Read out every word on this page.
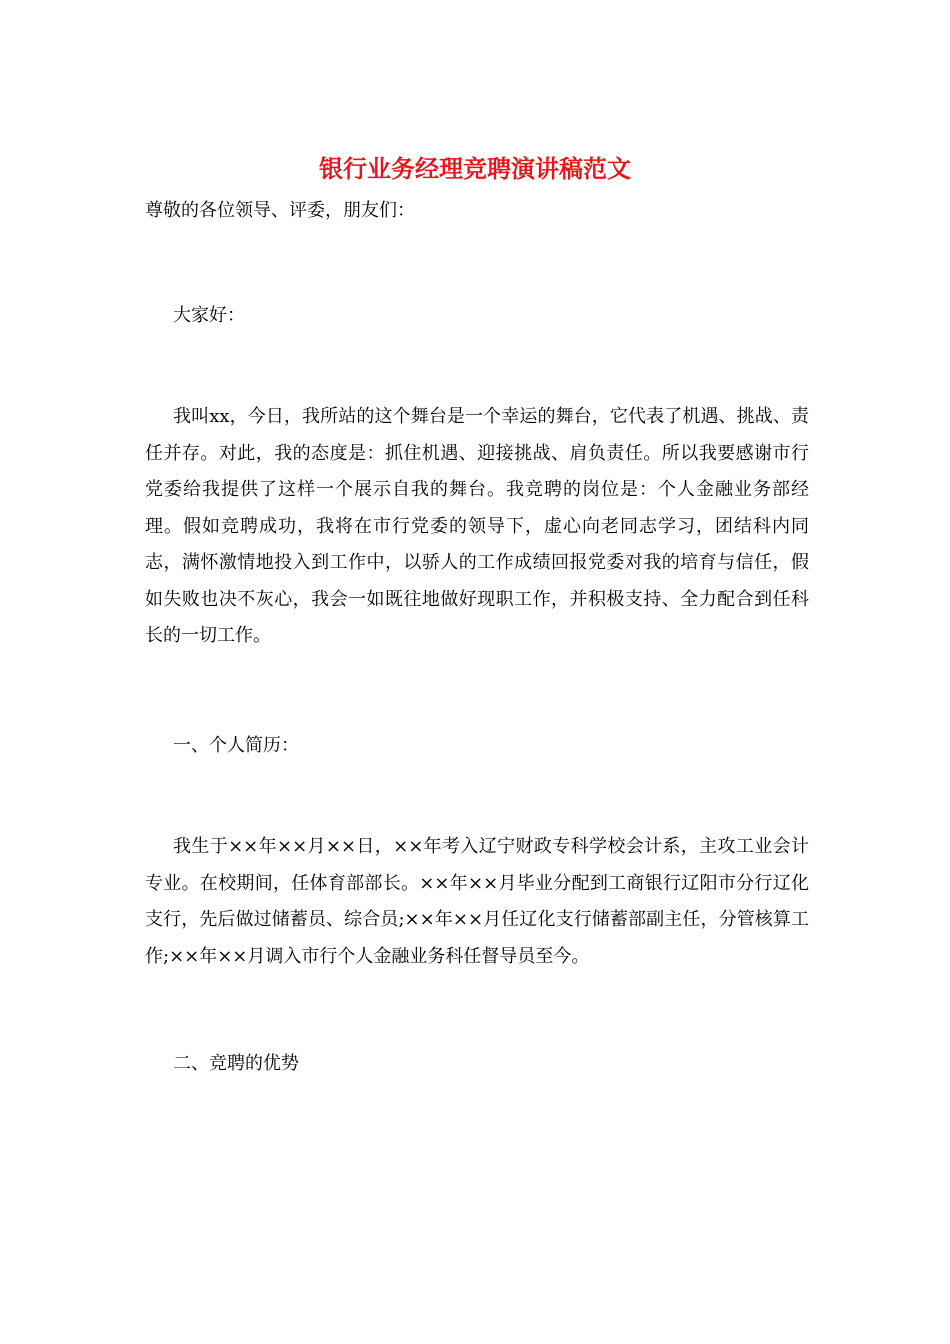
银行业务经理竞聘演讲稿范文

尊敬的各位领导、评委，朋友们：

大家好：

我叫xx，今日，我所站的这个舞台是一个幸运的舞台，它代表了机遇、挑战、责任并存。对此，我的态度是：抓住机遇、迎接挑战、肩负责任。所以我要感谢市行党委给我提供了这样一个展示自我的舞台。我竞聘的岗位是：个人金融业务部经理。假如竞聘成功，我将在市行党委的领导下，虚心向老同志学习，团结科内同志，满怀激情地投入到工作中，以骄人的工作成绩回报党委对我的培育与信任，假如失败也决不灰心，我会一如既往地做好现职工作，并积极支持、全力配合到任科长的一切工作。

一、个人简历：

我生于××年××月××日，××年考入辽宁财政专科学校会计系，主攻工业会计专业。在校期间，任体育部部长。××年××月毕业分配到工商银行辽阳市分行辽化支行，先后做过储蓄员、综合员;××年××月任辽化支行储蓄部副主任，分管核算工作;××年××月调入市行个人金融业务科任督导员至今。

二、竞聘的优势
